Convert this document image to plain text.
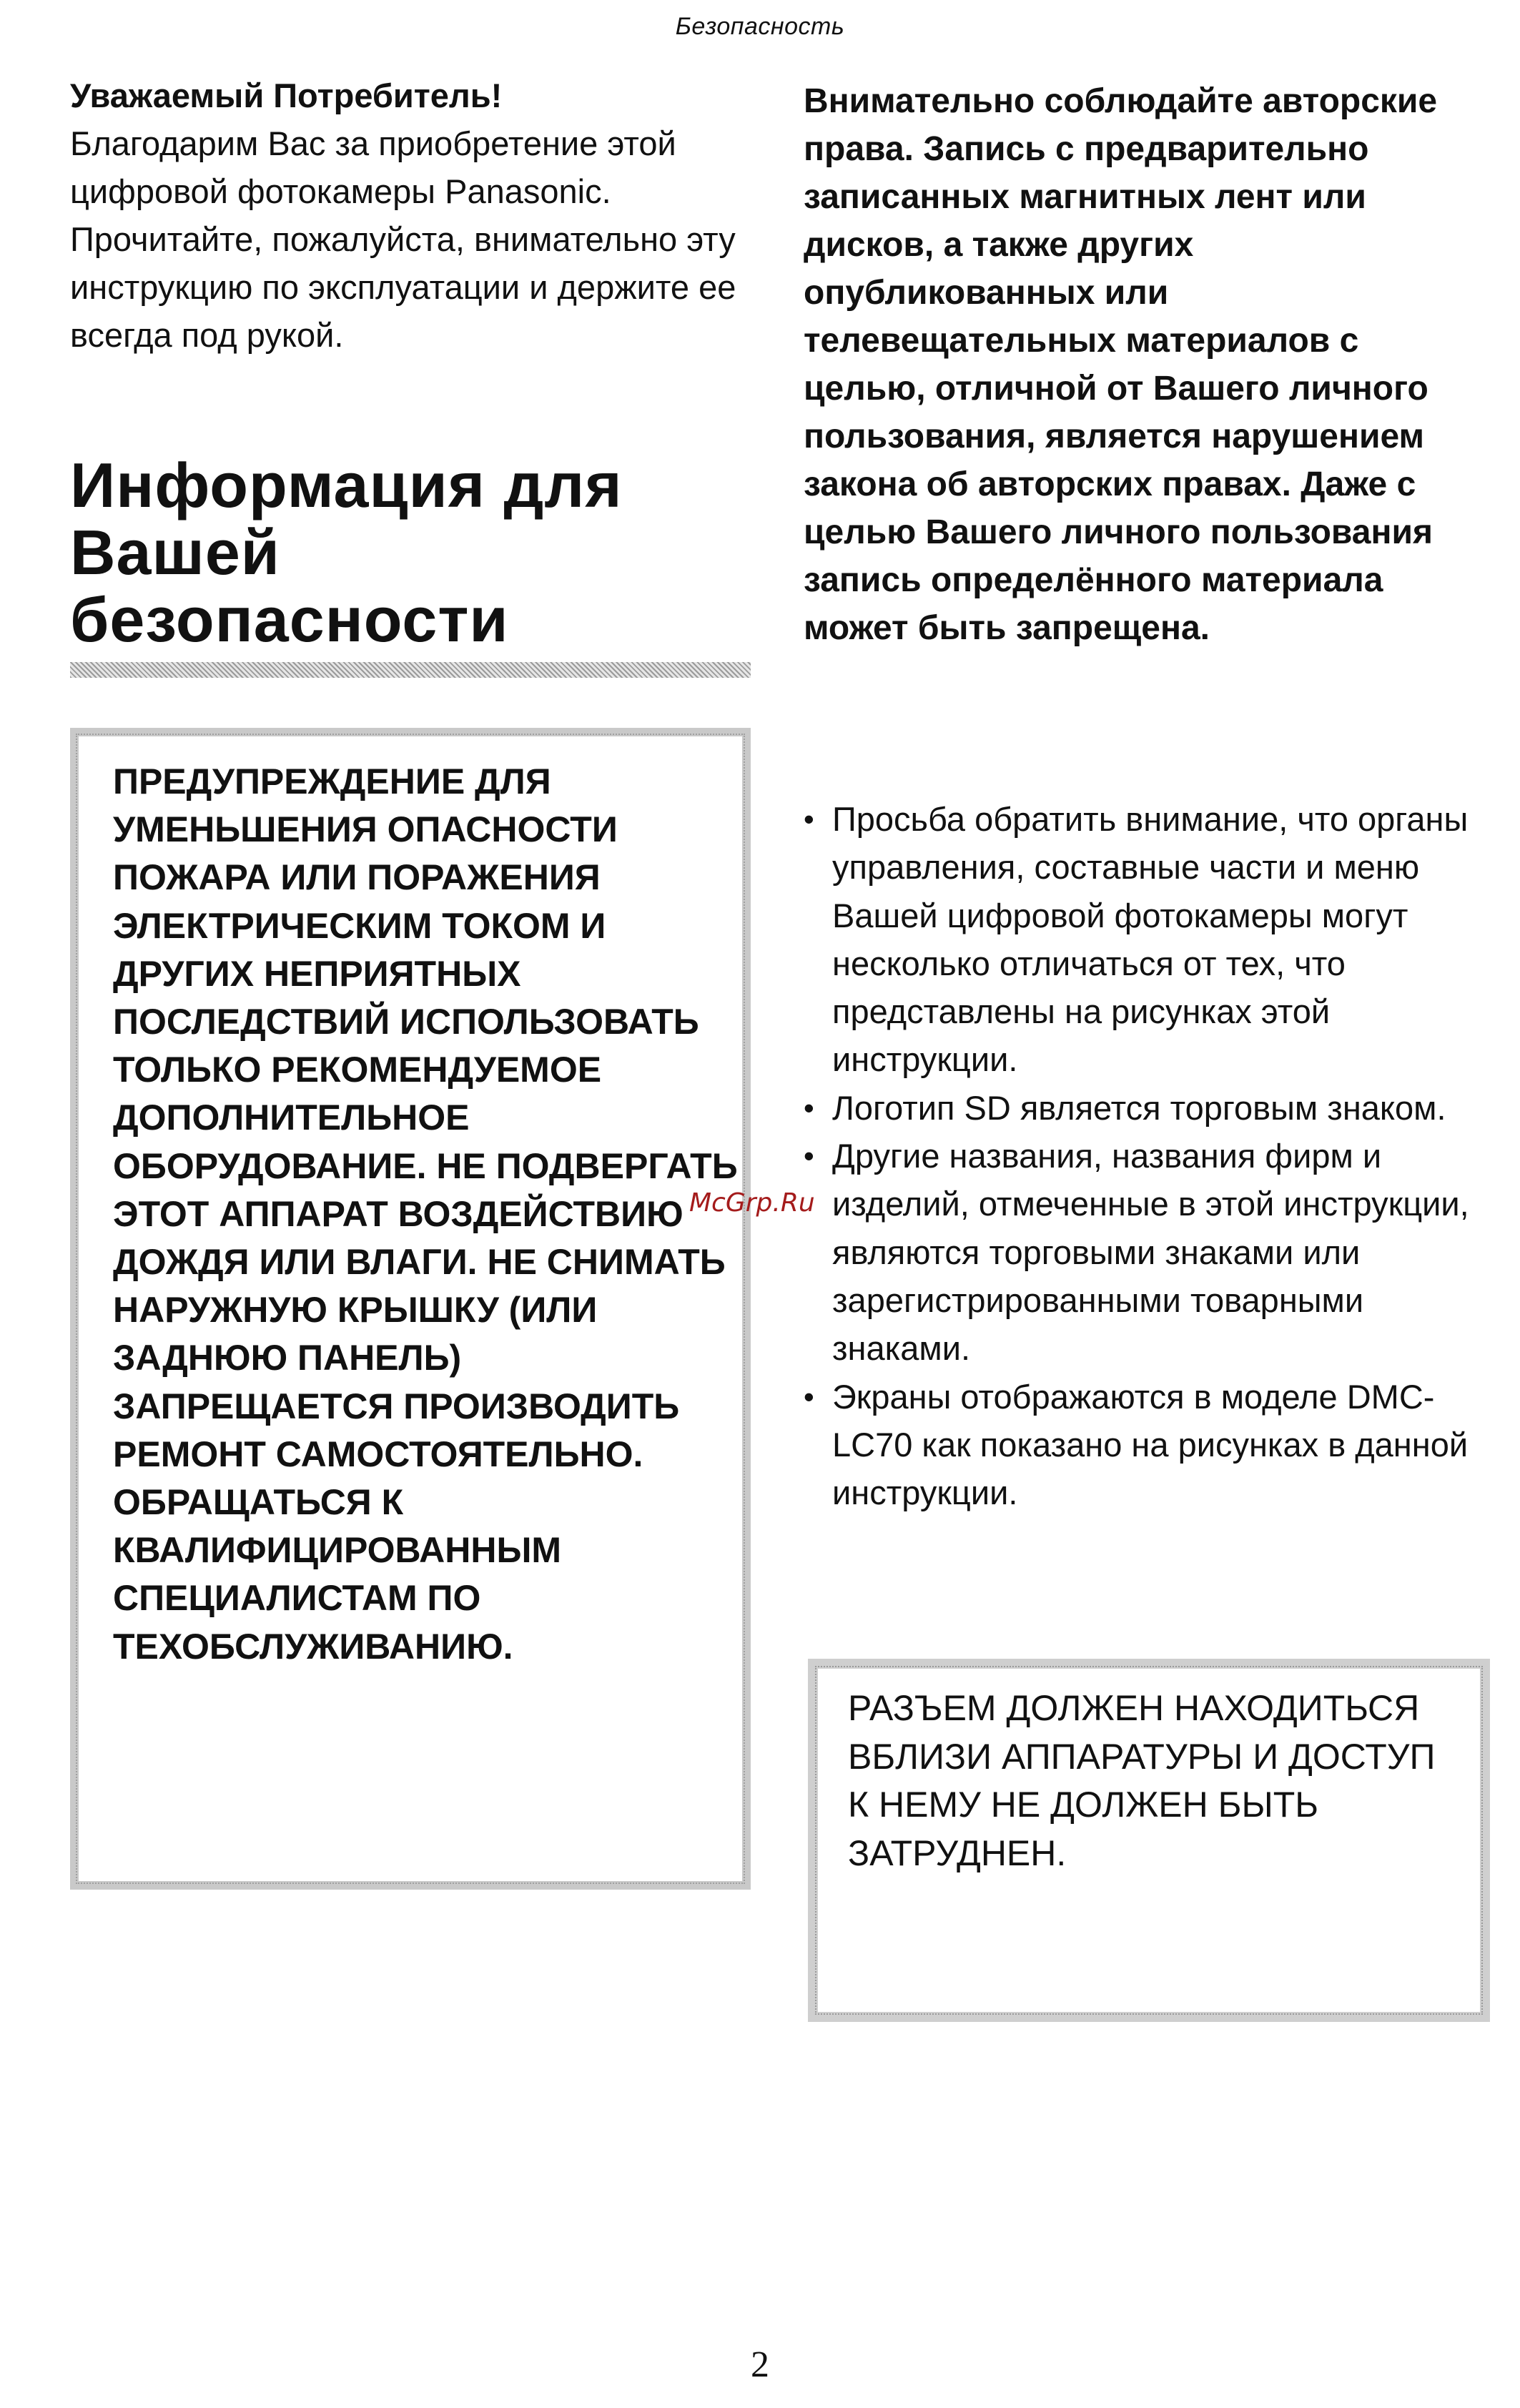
Безопасность

Уважаемый Потребитель!

Благодарим Вас за приобретение этой цифровой фотокамеры Panasonic. Прочитайте, пожалуйста, внимательно эту инструкцию по эксплуатации и держите ее всегда под рукой.

Информация для
Вашей
безопасности

ПРЕДУПРЕЖДЕНИЕ ДЛЯ УМЕНЬШЕНИЯ ОПАСНОСТИ ПОЖАРА ИЛИ ПОРАЖЕНИЯ ЭЛЕКТРИЧЕСКИМ ТОКОМ И ДРУГИХ НЕПРИЯТНЫХ ПОСЛЕДСТВИЙ ИСПОЛЬЗОВАТЬ ТОЛЬКО РЕКОМЕНДУЕМОЕ ДОПОЛНИТЕЛЬНОЕ ОБОРУДОВАНИЕ. НЕ ПОДВЕРГАТЬ ЭТОТ АППАРАТ ВОЗДЕЙСТВИЮ ДОЖДЯ ИЛИ ВЛАГИ. НЕ СНИМАТЬ НАРУЖНУЮ КРЫШКУ (ИЛИ ЗАДНЮЮ ПАНЕЛЬ) ЗАПРЕЩАЕТСЯ ПРОИЗВОДИТЬ РЕМОНТ САМОСТОЯТЕЛЬНО. ОБРАЩАТЬСЯ К КВАЛИФИЦИРОВАННЫМ СПЕЦИАЛИСТАМ ПО ТЕХОБСЛУЖИВАНИЮ.

Внимательно соблюдайте авторские права. Запись с предварительно записанных магнитных лент или дисков, а также других опубликованных или телевещательных материалов с целью, отличной от Вашего личного пользования, является нарушением закона об авторских правах. Даже с целью Вашего личного пользования запись определённого материала может быть запрещена.

• Просьба обратить внимание, что органы управления, составные части и меню Вашей цифровой фотокамеры могут несколько отличаться от тех, что представлены на рисунках этой инструкции.
• Логотип SD является торговым знаком.
• Другие названия, названия фирм и изделий, отмеченные в этой инструкции, являются торговыми знаками или зарегистрированными товарными знаками.
• Экраны отображаются в моделе DMC-LC70 как показано на рисунках в данной инструкции.

РАЗЪЕМ ДОЛЖЕН НАХОДИТЬСЯ ВБЛИЗИ АППАРАТУРЫ И ДОСТУП К НЕМУ НЕ ДОЛЖЕН БЫТЬ ЗАТРУДНЕН.

McGrp.Ru
2
